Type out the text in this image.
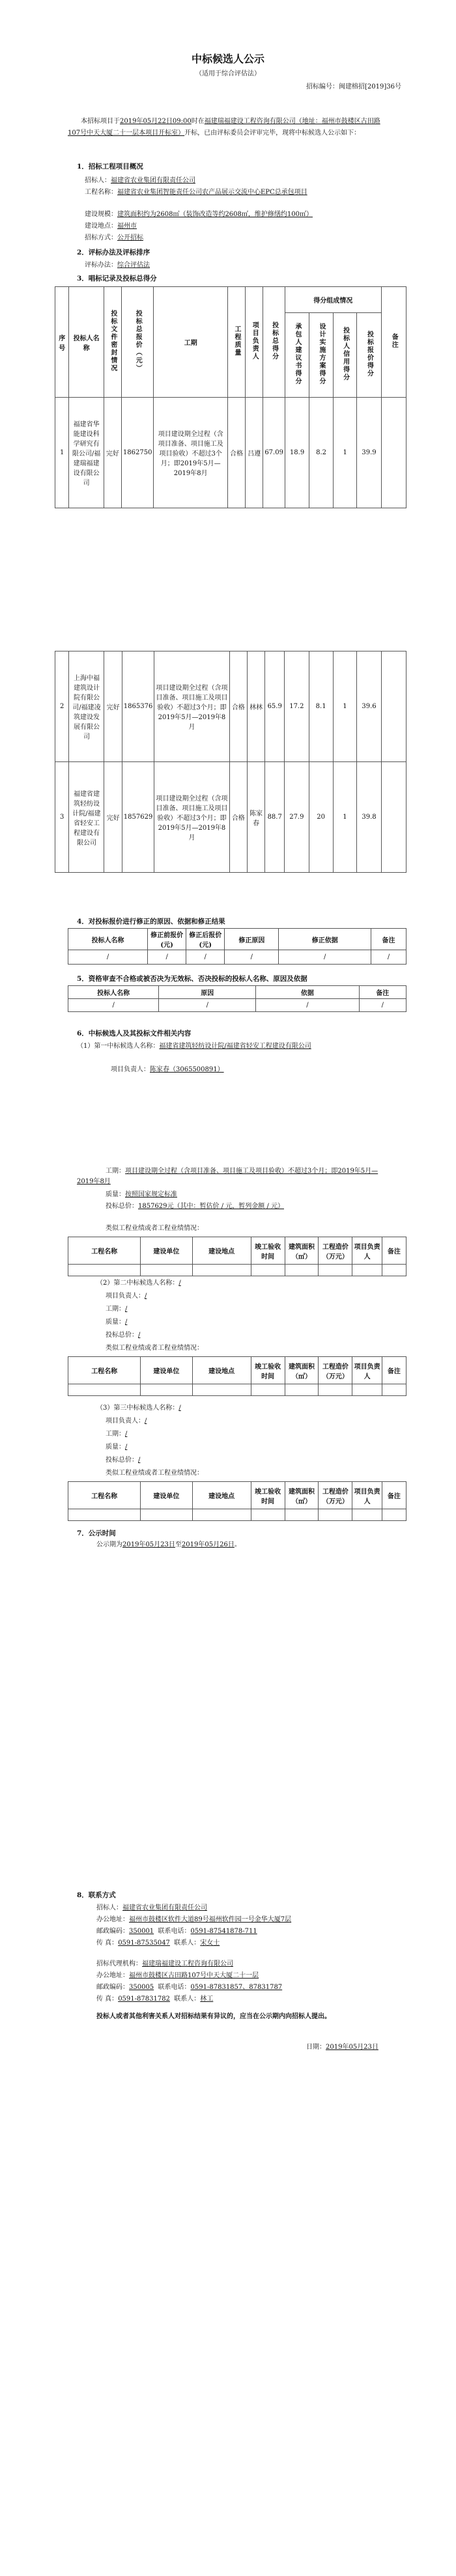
中标候选人公示
（适用于综合评估法）
招标编号：闽建榕招[2019]36号
本招标项目于2019年05月22日09:00时在福建瑞福建设工程咨询有限公司（地址：福州市鼓楼区古田路107号中天大厦二十一层本项目开标室）开标，已由评标委员会评审完毕，现将中标候选人公示如下：
1．招标工程项目概况
招标人：福建省农业集团有限责任公司
工程名称：福建省农业集团智能责任公司农产品展示交流中心EPC总承包项目
建设规模：建筑面积约为2608㎡（装饰改造等约2608㎡，维护修缮约100㎡）
建设地点：福州市
招标方式：公开招标
2．评标办法及评标排序
评标办法：综合评估法
3．唱标记录及投标总得分
序号	投标人名称	投标文件密封情况	投标总报价（元）	工期	工程质量	项目负责人	投标总得分	得分组成情况				备注
								承包人建议书得分	设计实施方案得分	投标人信用得分	投标报价得分	
1	福建省华能建设科学研究有限公司/福建瑞福建设有限公司	完好	1862750	项目建设期全过程（含项目准备、项目施工及项目验收）不超过3个月；即2019年5月—2019年8月	合格	吕遵	67.09	18.9	8.2	1	39.9	
2	上海中福建筑设计院有限公司/福建凌筑建设发展有限公司	完好	1865376	项目建设期全过程（含项目准备、项目施工及项目验收）不超过3个月；即2019年5月—2019年8月	合格	林林	65.9	17.2	8.1	1	39.6	
3	福建省建筑轻纺设计院/福建省轻安工程建设有限公司	完好	1857629	项目建设期全过程（含项目准备、项目施工及项目验收）不超过3个月；即2019年5月—2019年8月	合格	陈家春	88.7	27.9	20	1	39.8	
4．对投标报价进行修正的原因、依据和修正结果
投标人名称	修正前报价(元)	修正后报价(元)	修正原因	修正依据	备注
/	/	/	/	/	/
5．资格审查不合格或被否决为无效标、否决投标的投标人名称、原因及依据
投标人名称	原因	依据	备注
/	/	/	/
6．中标候选人及其投标文件相关内容
（1）第一中标候选人名称：福建省建筑轻纺设计院/福建省轻安工程建设有限公司
项目负责人：陈家春（3065500891）
工期：项目建设期全过程（含项目准备、项目施工及项目验收）不超过3个月；即2019年5月—2019年8月
质量：按照国家规定标准
投标总价：1857629元（其中：暂估价 / 元，暂列金额 / 元）
类似工程业绩或者工程业绩情况：
工程名称	建设单位	建设地点	竣工验收时间	建筑面积（㎡）	工程造价（万元）	项目负责人	备注

（2）第二中标候选人名称：/
项目负责人：/
工期：/
质量：/
投标总价：/
类似工程业绩或者工程业绩情况：
工程名称	建设单位	建设地点	竣工验收时间	建筑面积（㎡）	工程造价（万元）	项目负责人	备注

（3）第三中标候选人名称：/
项目负责人：/
工期：/
质量：/
投标总价：/
类似工程业绩或者工程业绩情况：
工程名称	建设单位	建设地点	竣工验收时间	建筑面积（㎡）	工程造价（万元）	项目负责人	备注

7．公示时间
公示期为2019年05月23日至2019年05月26日。
8．联系方式
招标人：福建省农业集团有限责任公司
办公地址：福州市鼓楼区软件大道89号福州软件园一号金华大厦7层
邮政编码：350001 联系电话：0591-87541878-711
传 真：0591-87535047 联系人：宋女士
招标代理机构：福建瑞福建设工程咨询有限公司
办公地址：福州市鼓楼区古田路107号中天大厦二十一层
邮政编码：350005 联系电话：0591-87831857、87831787
传 真：0591-87831782 联系人：林工
投标人或者其他利害关系人对招标结果有异议的，应当在公示期内向招标人提出。
日期：2019年05月23日
